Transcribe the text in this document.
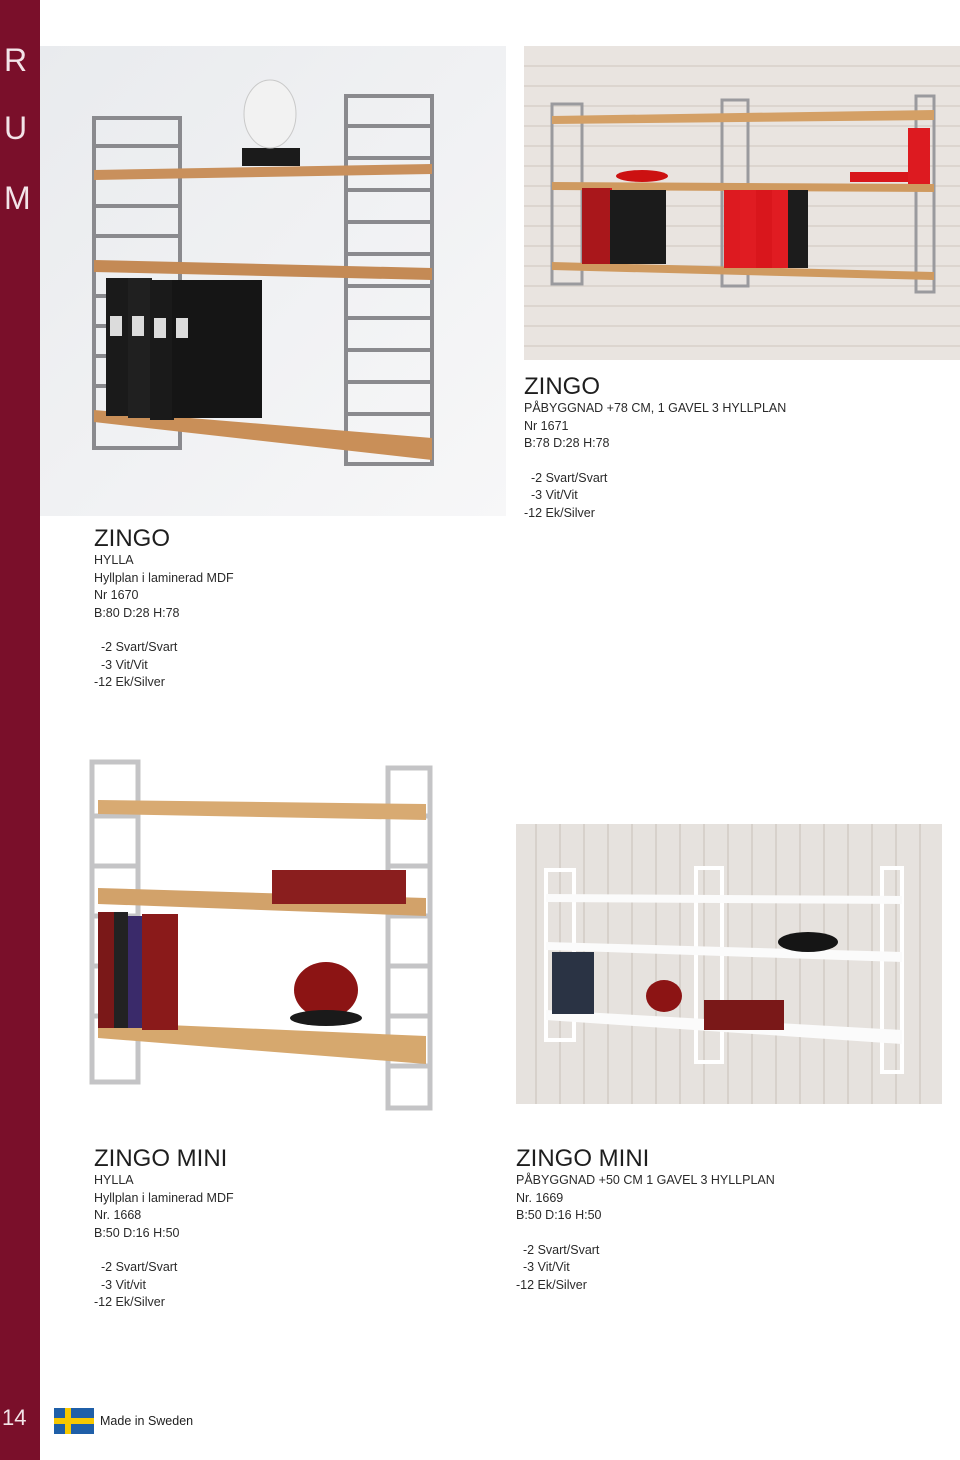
R
U
M
14
ZINGO
HYLLA
Hyllplan i laminerad MDF
Nr 1670
B:80 D:28 H:78
-2 Svart/Svart
-3 Vit/Vit
-12 Ek/Silver
ZINGO
PÅBYGGNAD +78 CM, 1 GAVEL 3 HYLLPLAN
Nr 1671
B:78 D:28 H:78
-2 Svart/Svart
-3 Vit/Vit
-12 Ek/Silver
ZINGO MINI
HYLLA
Hyllplan i laminerad MDF
Nr. 1668
B:50 D:16 H:50
-2 Svart/Svart
-3 Vit/vit
-12 Ek/Silver
ZINGO MINI
PÅBYGGNAD +50 CM 1 GAVEL 3 HYLLPLAN
Nr. 1669
B:50 D:16 H:50
-2 Svart/Svart
-3 Vit/Vit
-12 Ek/Silver
Made in Sweden
